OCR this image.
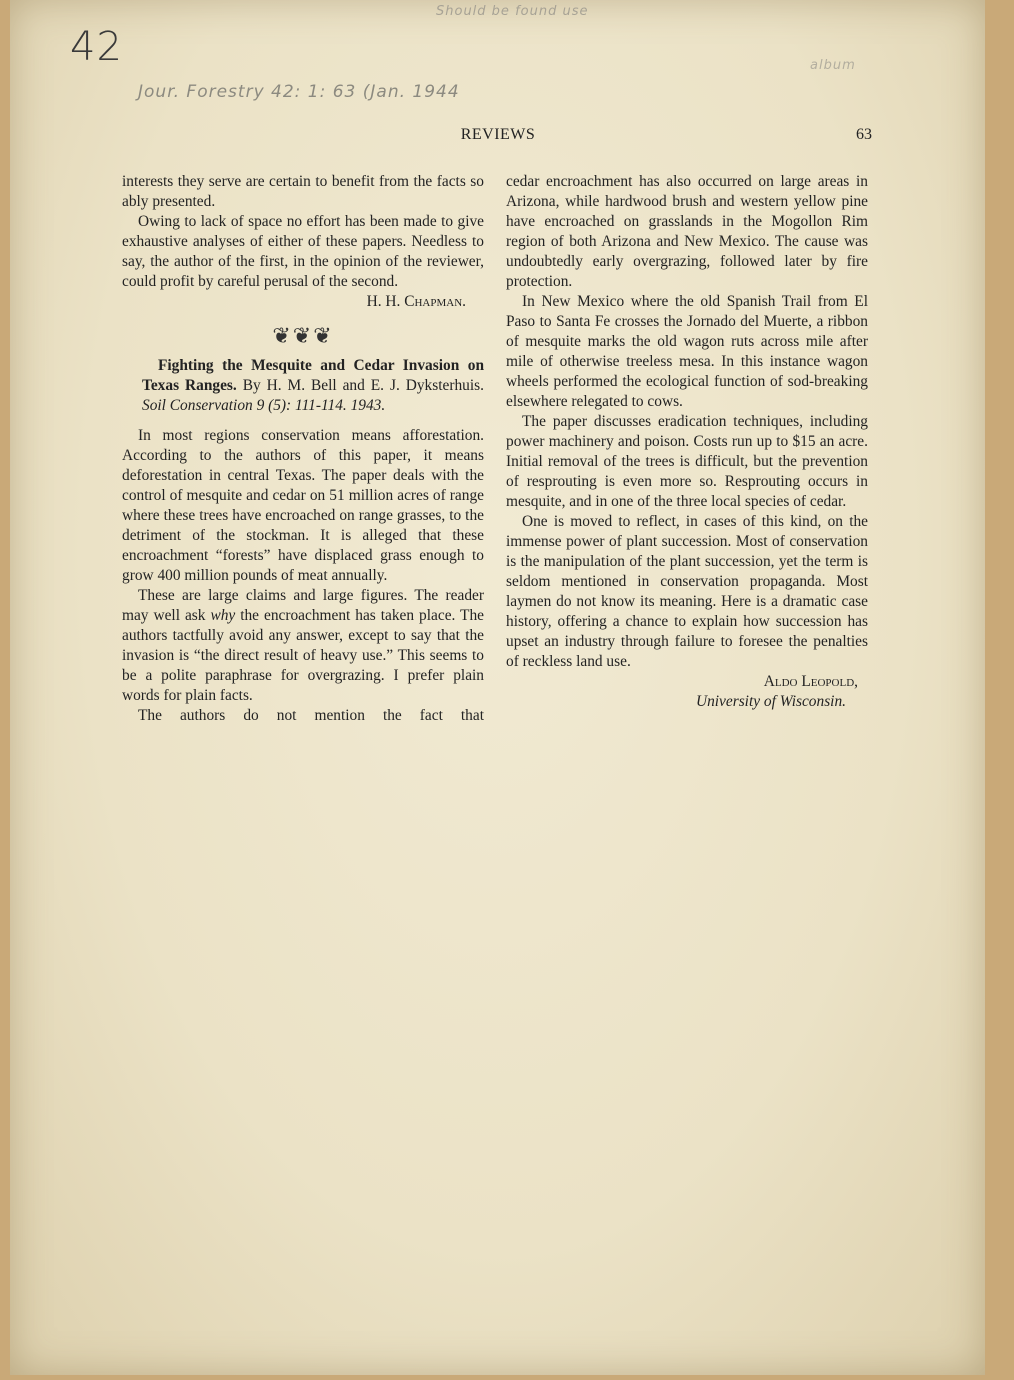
42
Jour. Forestry 42: 1: 63 (Jan. 1944
Should be found use
album
REVIEWS	63

interests they serve are certain to benefit from the facts so ably presented.

Owing to lack of space no effort has been made to give exhaustive analyses of either of these papers. Needless to say, the author of the first, in the opinion of the reviewer, could profit by careful perusal of the second.

H. H. Chapman.

❦❦❦

Fighting the Mesquite and Cedar Invasion on Texas Ranges. By H. M. Bell and E. J. Dyksterhuis. Soil Conservation 9 (5): 111-114. 1943.

In most regions conservation means afforestation. According to the authors of this paper, it means deforestation in central Texas. The paper deals with the control of mesquite and cedar on 51 million acres of range where these trees have encroached on range grasses, to the detriment of the stockman. It is alleged that these encroachment “forests” have displaced grass enough to grow 400 million pounds of meat annually.

These are large claims and large figures. The reader may well ask why the encroachment has taken place. The authors tactfully avoid any answer, except to say that the invasion is “the direct result of heavy use.” This seems to be a polite paraphrase for overgrazing. I prefer plain words for plain facts.

The authors do not mention the fact that

cedar encroachment has also occurred on large areas in Arizona, while hardwood brush and western yellow pine have encroached on grasslands in the Mogollon Rim region of both Arizona and New Mexico. The cause was undoubtedly early overgrazing, followed later by fire protection.

In New Mexico where the old Spanish Trail from El Paso to Santa Fe crosses the Jornado del Muerte, a ribbon of mesquite marks the old wagon ruts across mile after mile of otherwise treeless mesa. In this instance wagon wheels performed the ecological function of sod-breaking elsewhere relegated to cows.

The paper discusses eradication techniques, including power machinery and poison. Costs run up to $15 an acre. Initial removal of the trees is difficult, but the prevention of resprouting is even more so. Resprouting occurs in mesquite, and in one of the three local species of cedar.

One is moved to reflect, in cases of this kind, on the immense power of plant succession. Most of conservation is the manipulation of the plant succession, yet the term is seldom mentioned in conservation propaganda. Most laymen do not know its meaning. Here is a dramatic case history, offering a chance to explain how succession has upset an industry through failure to foresee the penalties of reckless land use.

Aldo Leopold,

University of Wisconsin.
